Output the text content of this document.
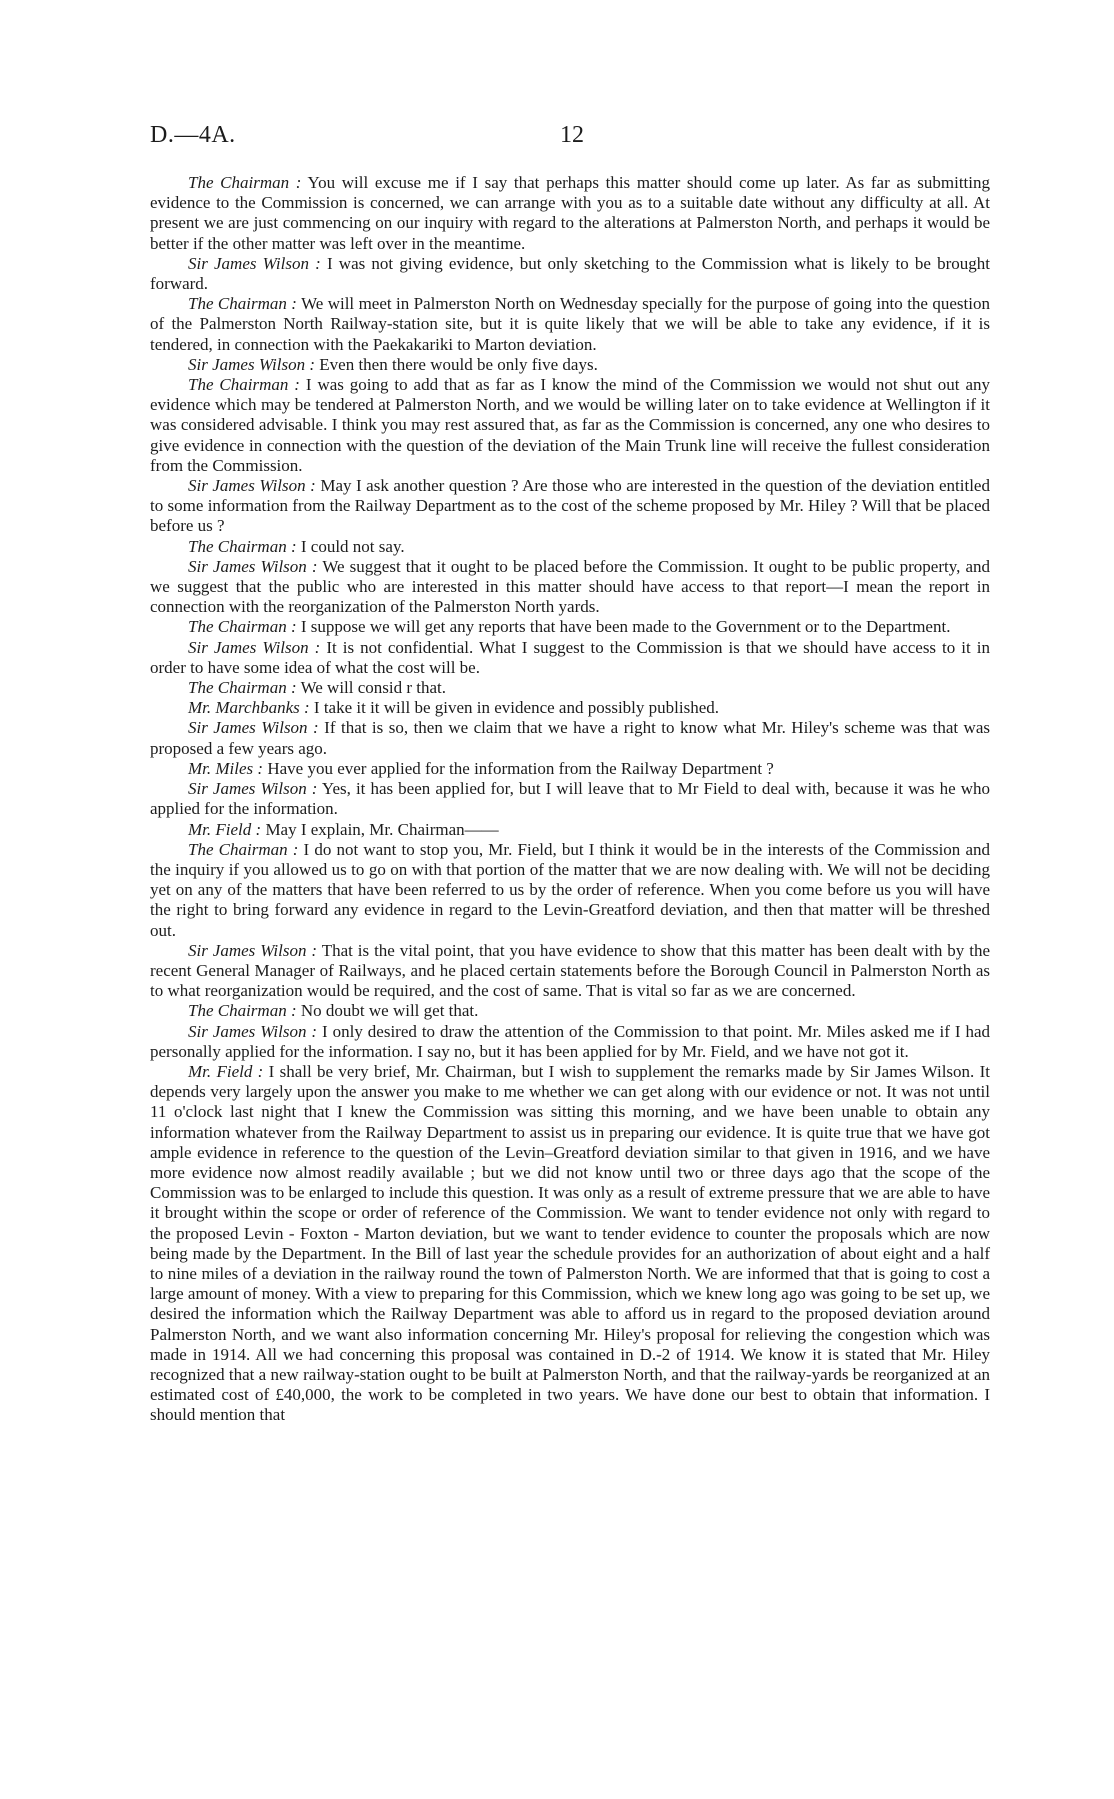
D.—4A.	12

The Chairman : You will excuse me if I say that perhaps this matter should come up later. As far as submitting evidence to the Commission is concerned, we can arrange with you as to a suitable date without any difficulty at all. At present we are just commencing on our inquiry with regard to the alterations at Palmerston North, and perhaps it would be better if the other matter was left over in the meantime.

Sir James Wilson : I was not giving evidence, but only sketching to the Commission what is likely to be brought forward.

The Chairman : We will meet in Palmerston North on Wednesday specially for the purpose of going into the question of the Palmerston North Railway-station site, but it is quite likely that we will be able to take any evidence, if it is tendered, in connection with the Paekakariki to Marton deviation.

Sir James Wilson : Even then there would be only five days.

The Chairman : I was going to add that as far as I know the mind of the Commission we would not shut out any evidence which may be tendered at Palmerston North, and we would be willing later on to take evidence at Wellington if it was considered advisable. I think you may rest assured that, as far as the Commission is concerned, any one who desires to give evidence in connection with the question of the deviation of the Main Trunk line will receive the fullest consideration from the Commission.

Sir James Wilson : May I ask another question ? Are those who are interested in the question of the deviation entitled to some information from the Railway Department as to the cost of the scheme proposed by Mr. Hiley ? Will that be placed before us ?

The Chairman : I could not say.

Sir James Wilson : We suggest that it ought to be placed before the Commission. It ought to be public property, and we suggest that the public who are interested in this matter should have access to that report—I mean the report in connection with the reorganization of the Palmerston North yards.

The Chairman : I suppose we will get any reports that have been made to the Government or to the Department.

Sir James Wilson : It is not confidential. What I suggest to the Commission is that we should have access to it in order to have some idea of what the cost will be.

The Chairman : We will consid r that.

Mr. Marchbanks : I take it it will be given in evidence and possibly published.

Sir James Wilson : If that is so, then we claim that we have a right to know what Mr. Hiley's scheme was that was proposed a few years ago.

Mr. Miles : Have you ever applied for the information from the Railway Department ?

Sir James Wilson : Yes, it has been applied for, but I will leave that to Mr Field to deal with, because it was he who applied for the information.

Mr. Field : May I explain, Mr. Chairman——

The Chairman : I do not want to stop you, Mr. Field, but I think it would be in the interests of the Commission and the inquiry if you allowed us to go on with that portion of the matter that we are now dealing with. We will not be deciding yet on any of the matters that have been referred to us by the order of reference. When you come before us you will have the right to bring forward any evidence in regard to the Levin-Greatford deviation, and then that matter will be threshed out.

Sir James Wilson : That is the vital point, that you have evidence to show that this matter has been dealt with by the recent General Manager of Railways, and he placed certain statements before the Borough Council in Palmerston North as to what reorganization would be required, and the cost of same. That is vital so far as we are concerned.

The Chairman : No doubt we will get that.

Sir James Wilson : I only desired to draw the attention of the Commission to that point. Mr. Miles asked me if I had personally applied for the information. I say no, but it has been applied for by Mr. Field, and we have not got it.

Mr. Field : I shall be very brief, Mr. Chairman, but I wish to supplement the remarks made by Sir James Wilson. It depends very largely upon the answer you make to me whether we can get along with our evidence or not. It was not until 11 o'clock last night that I knew the Commission was sitting this morning, and we have been unable to obtain any information whatever from the Railway Department to assist us in preparing our evidence. It is quite true that we have got ample evidence in reference to the question of the Levin–Greatford deviation similar to that given in 1916, and we have more evidence now almost readily available ; but we did not know until two or three days ago that the scope of the Commission was to be enlarged to include this question. It was only as a result of extreme pressure that we are able to have it brought within the scope or order of reference of the Commission. We want to tender evidence not only with regard to the proposed Levin - Foxton - Marton deviation, but we want to tender evidence to counter the proposals which are now being made by the Department. In the Bill of last year the schedule provides for an authorization of about eight and a half to nine miles of a deviation in the railway round the town of Palmerston North. We are informed that that is going to cost a large amount of money. With a view to preparing for this Commission, which we knew long ago was going to be set up, we desired the information which the Railway Department was able to afford us in regard to the proposed deviation around Palmerston North, and we want also information concerning Mr. Hiley's proposal for relieving the congestion which was made in 1914. All we had concerning this proposal was contained in D.-2 of 1914. We know it is stated that Mr. Hiley recognized that a new railway-station ought to be built at Palmerston North, and that the railway-yards be reorganized at an estimated cost of £40,000, the work to be completed in two years. We have done our best to obtain that information. I should mention that
